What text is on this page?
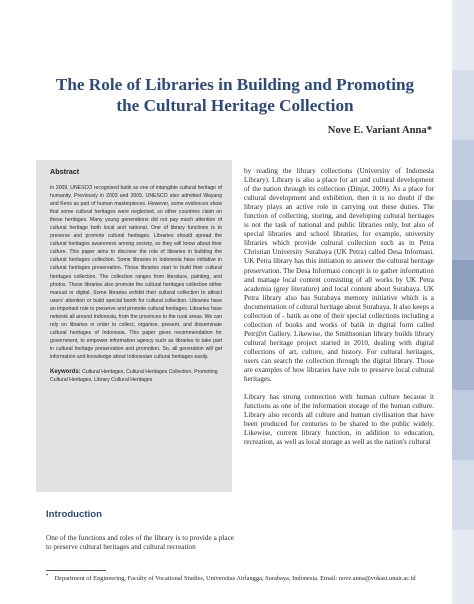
The Role of Libraries in Building and Promoting
the Cultural Heritage Collection
Nove E. Variant Anna*
Abstract
In 2009, UNESCO recognised batik as one of intangible cultural heritage of humanity. Previously in 2003 and 2005, UNESCO also admitted Wayang and Keris as part of human masterpieces. However, some evidences show that some cultural heritages were neglected, so other countries claim on these heritages. Many young generations did not pay much attention of cultural heritage both local and national. One of library functions is to preserve and promote cultural heritages. Libraries should spread the cultural heritages awareness among society, so they will know about their culture. This paper aims to discover the role of libraries in building the cultural heritages collection. Some libraries in Indonesia have initiative in cultural heritages preservation. Those libraries start to build their cultural heritages collection. The collection ranges from literature, painting, and photos. Those libraries also promote the cultural heritages collection either manual or digital. Some libraries exhibit their cultural collection to attract users' attention or build special booth for cultural collection. Libraries have an important role to preserve and promote cultural heritages. Libraries have network all around Indonesia, from the provinces to the rural areas. We can rely on libraries in order to collect, organise, present, and disseminate cultural heritages of Indonesia. This paper gives recommendation for government, to empower information agency such as libraries to take part in cultural heritage preservation and promotion. So, all generation will get information and knowledge about Indonesian cultural heritages easily.
Keywords: Cultural Heritages, Cultural Heritages Collection, Promoting Cultural Heritages, Library Cultural Heritages
Introduction
One of the functions and roles of the library is to provide a place to preserve cultural heritages and cultural recreation

by reading the library collections (University of Indonesia Library). Library is also a place for art and cultural development of the nation through its collection (Dinjat, 2009). As a place for cultural development and exhibition, then it is no doubt if the library plays an active role in carrying out these duties. The function of collecting, storing, and developing cultural heritages is not the task of national and public libraries only, but also of special libraries and school libraries, for example, university libraries which provide cultural collection such as in Petra Christian University Surabaya (UK Petra) called Desa Informasi. UK Petra library has this initiation to answer the cultural heritage preservation. The Desa Informasi concept is to gather information and manage local content consisting of all works by UK Petra academia (grey literature) and local content about Surabaya. UK Petra library also has Surabaya memory initiative which is a documentation of cultural heritage about Surabaya. It also keeps a collection of - batik as one of their special collections including a collection of books and works of batik in digital form called Petr@rt Gallery. Likewise, the Smithsonian library builds library cultural heritage project started in 2010, dealing with digital collections of art, culture, and history. For cultural heritages, users can search the collection through the digital library. Those are examples of how libraries have role to preserve local cultural heritages.

Library has strong connection with human culture because it functions as one of the information storage of the human culture. Library also records all culture and human civilisation that have been produced for centuries to be shared to the public widely. Likewise, current library function, in addition to education, recreation, as well as local storage as well as the nation's cultural

* Department of Engineering, Faculty of Vocational Studies, Universitas Airlangga, Surabaya, Indonesia. Email: nove.anna@vokasi.unair.ac.id
